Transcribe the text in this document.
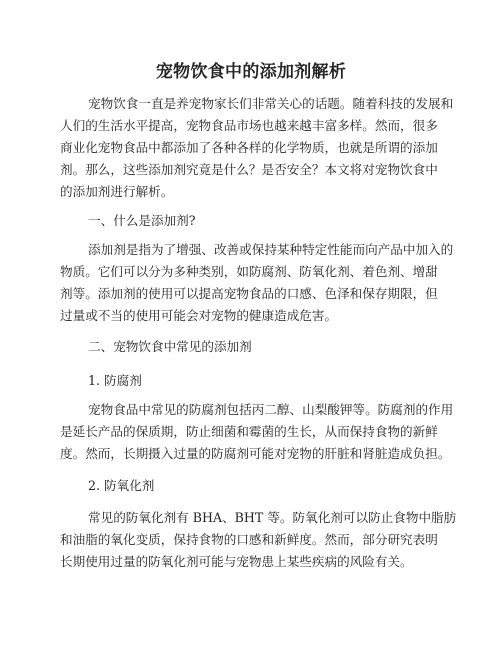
宠物饮食中的添加剂解析

宠物饮食一直是养宠物家长们非常关心的话题。随着科技的发展和

人们的生活水平提高，宠物食品市场也越来越丰富多样。然而，很多

商业化宠物食品中都添加了各种各样的化学物质，也就是所谓的添加

剂。那么，这些添加剂究竟是什么？是否安全？本文将对宠物饮食中

的添加剂进行解析。

一、什么是添加剂?

添加剂是指为了增强、改善或保持某种特定性能而向产品中加入的

物质。它们可以分为多种类别，如防腐剂、防氧化剂、着色剂、增甜

剂等。添加剂的使用可以提高宠物食品的口感、色泽和保存期限，但

过量或不当的使用可能会对宠物的健康造成危害。

二、宠物饮食中常见的添加剂

1. 防腐剂

宠物食品中常见的防腐剂包括丙二醇、山梨酸钾等。防腐剂的作用

是延长产品的保质期，防止细菌和霉菌的生长，从而保持食物的新鲜

度。然而，长期摄入过量的防腐剂可能对宠物的肝脏和肾脏造成负担。

2. 防氧化剂

常见的防氧化剂有 BHA、BHT 等。防氧化剂可以防止食物中脂肪

和油脂的氧化变质，保持食物的口感和新鲜度。然而，部分研究表明

长期使用过量的防氧化剂可能与宠物患上某些疾病的风险有关。
